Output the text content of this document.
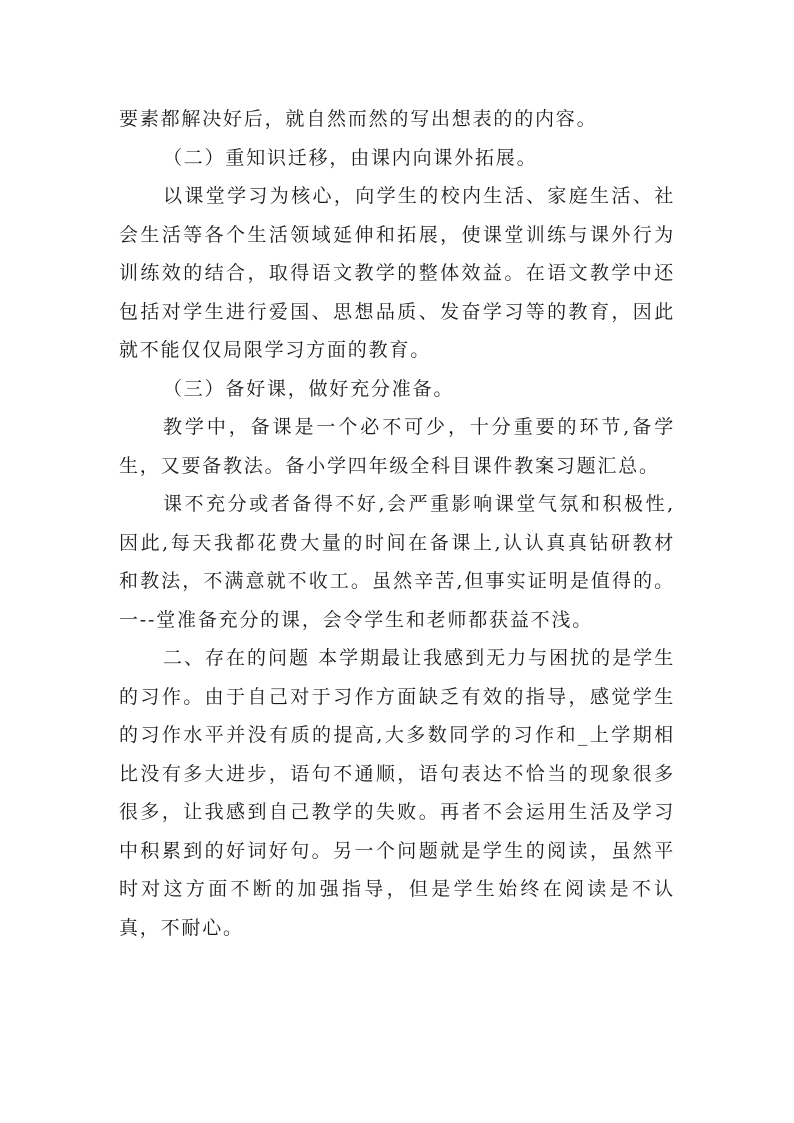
要素都解决好后，就自然而然的写出想表的的内容。

（二）重知识迁移，由课内向课外拓展。

以课堂学习为核心，向学生的校内生活、家庭生活、社会生活等各个生活领域延伸和拓展，使课堂训练与课外行为训练效的结合，取得语文教学的整体效益。在语文教学中还包括对学生进行爱国、思想品质、发奋学习等的教育，因此就不能仅仅局限学习方面的教育。

（三）备好课，做好充分准备。

教学中，备课是一个必不可少，十分重要的环节,备学生，又要备教法。备小学四年级全科目课件教案习题汇总。

课不充分或者备得不好,会严重影响课堂气氛和积极性,因此,每天我都花费大量的时间在备课上,认认真真钻研教材和教法，不满意就不收工。虽然辛苦,但事实证明是值得的。一--堂准备充分的课，会令学生和老师都获益不浅。

二、存在的问题 本学期最让我感到无力与困扰的是学生的习作。由于自己对于习作方面缺乏有效的指导，感觉学生的习作水平并没有质的提高,大多数同学的习作和_上学期相比没有多大进步，语句不通顺，语句表达不恰当的现象很多很多，让我感到自己教学的失败。再者不会运用生活及学习中积累到的好词好句。另一个问题就是学生的阅读，虽然平时对这方面不断的加强指导，但是学生始终在阅读是不认真，不耐心。
